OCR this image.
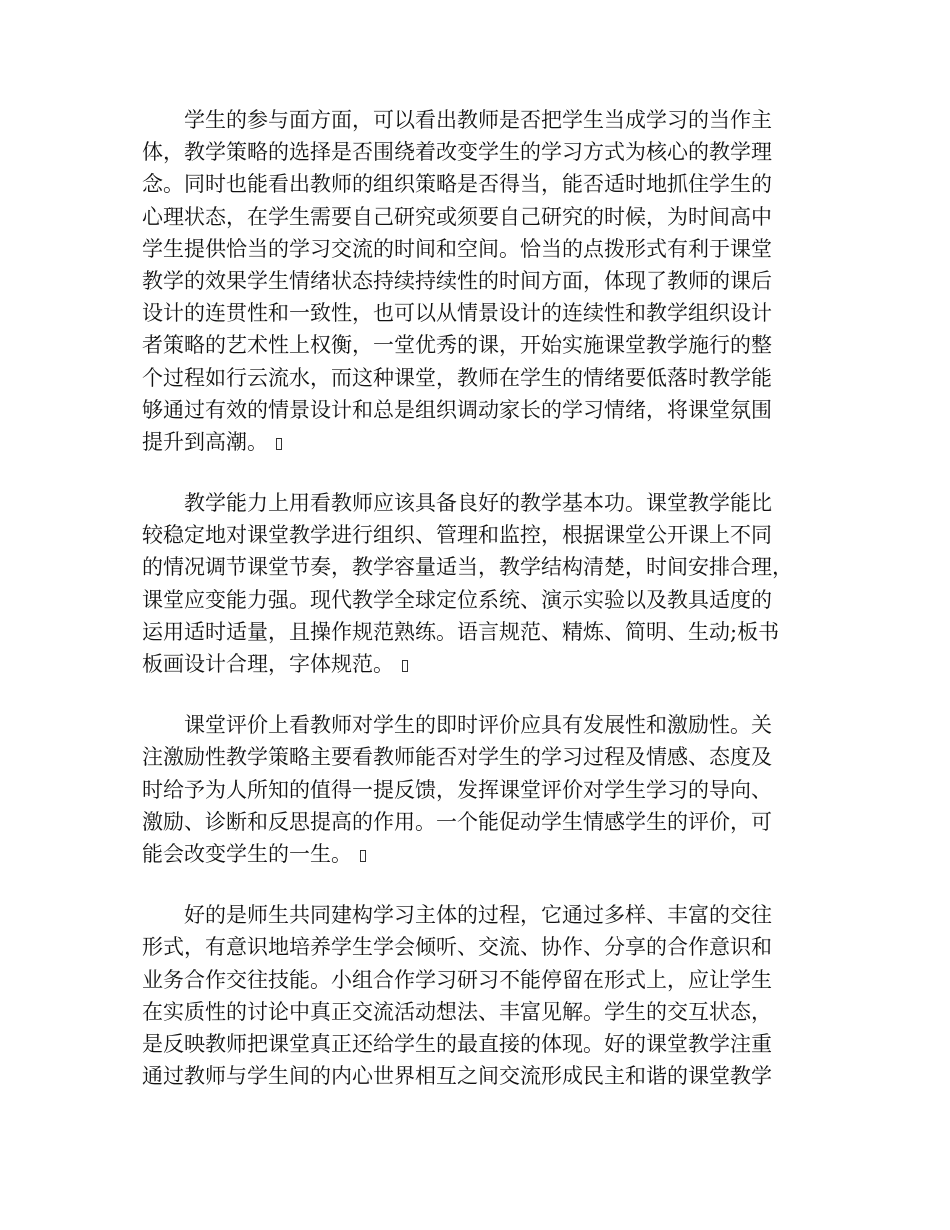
学生的参与面方面，可以看出教师是否把学生当成学习的当作主
体，教学策略的选择是否围绕着改变学生的学习方式为核心的教学理
念。同时也能看出教师的组织策略是否得当，能否适时地抓住学生的
心理状态，在学生需要自己研究或须要自己研究的时候，为时间高中
学生提供恰当的学习交流的时间和空间。恰当的点拨形式有利于课堂
教学的效果学生情绪状态持续持续性的时间方面，体现了教师的课后
设计的连贯性和一致性，也可以从情景设计的连续性和教学组织设计
者策略的艺术性上权衡，一堂优秀的课，开始实施课堂教学施行的整
个过程如行云流水，而这种课堂，教师在学生的情绪要低落时教学能
够通过有效的情景设计和总是组织调动家长的学习情绪，将课堂氛围
提升到高潮。
教学能力上用看教师应该具备良好的教学基本功。课堂教学能比
较稳定地对课堂教学进行组织、管理和监控，根据课堂公开课上不同
的情况调节课堂节奏，教学容量适当，教学结构清楚，时间安排合理，
课堂应变能力强。现代教学全球定位系统、演示实验以及教具适度的
运用适时适量，且操作规范熟练。语言规范、精炼、简明、生动;板书
板画设计合理，字体规范。
课堂评价上看教师对学生的即时评价应具有发展性和激励性。关
注激励性教学策略主要看教师能否对学生的学习过程及情感、态度及
时给予为人所知的值得一提反馈，发挥课堂评价对学生学习的导向、
激励、诊断和反思提高的作用。一个能促动学生情感学生的评价，可
能会改变学生的一生。
好的是师生共同建构学习主体的过程，它通过多样、丰富的交往
形式，有意识地培养学生学会倾听、交流、协作、分享的合作意识和
业务合作交往技能。小组合作学习研习不能停留在形式上，应让学生
在实质性的讨论中真正交流活动想法、丰富见解。学生的交互状态，
是反映教师把课堂真正还给学生的最直接的体现。好的课堂教学注重
通过教师与学生间的内心世界相互之间交流形成民主和谐的课堂教学
